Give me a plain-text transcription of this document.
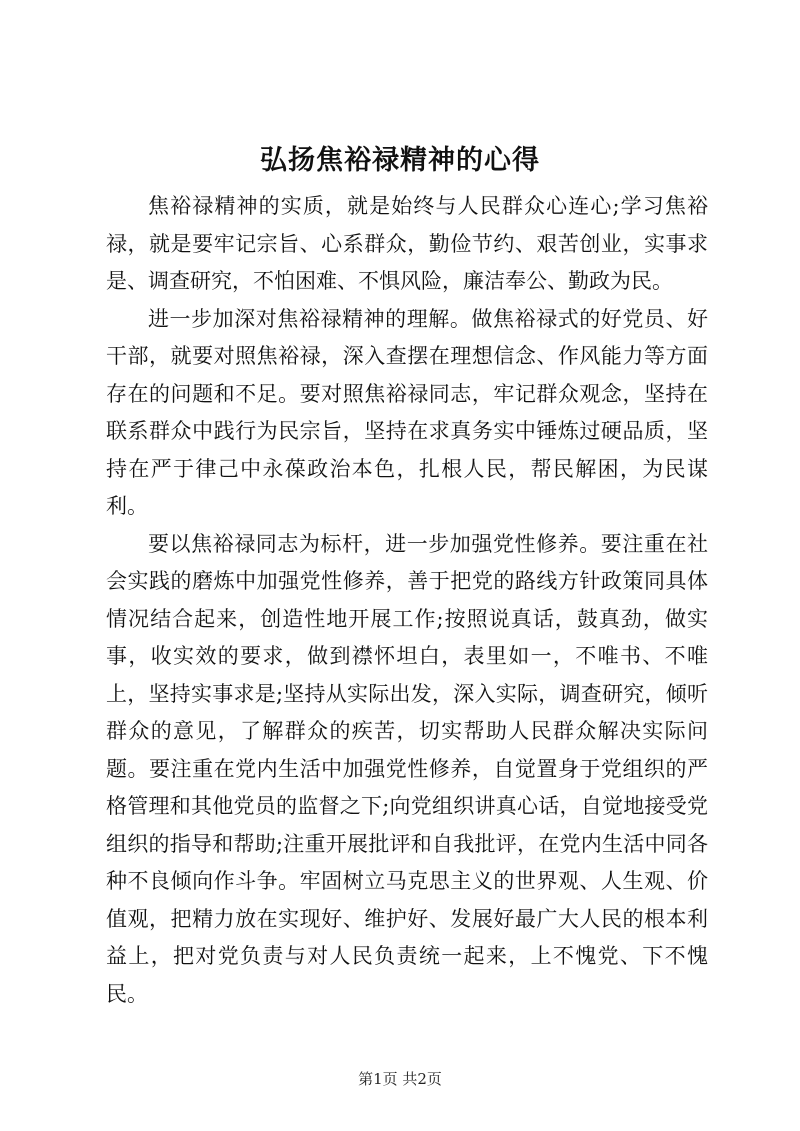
弘扬焦裕禄精神的心得

焦裕禄精神的实质，就是始终与人民群众心连心;学习焦裕禄，就是要牢记宗旨、心系群众，勤俭节约、艰苦创业，实事求是、调查研究，不怕困难、不惧风险，廉洁奉公、勤政为民。

进一步加深对焦裕禄精神的理解。做焦裕禄式的好党员、好干部，就要对照焦裕禄，深入查摆在理想信念、作风能力等方面存在的问题和不足。要对照焦裕禄同志，牢记群众观念，坚持在联系群众中践行为民宗旨，坚持在求真务实中锤炼过硬品质，坚持在严于律己中永葆政治本色，扎根人民，帮民解困，为民谋利。

要以焦裕禄同志为标杆，进一步加强党性修养。要注重在社会实践的磨炼中加强党性修养，善于把党的路线方针政策同具体情况结合起来，创造性地开展工作;按照说真话，鼓真劲，做实事，收实效的要求，做到襟怀坦白，表里如一，不唯书、不唯上，坚持实事求是;坚持从实际出发，深入实际，调查研究，倾听群众的意见，了解群众的疾苦，切实帮助人民群众解决实际问题。要注重在党内生活中加强党性修养，自觉置身于党组织的严格管理和其他党员的监督之下;向党组织讲真心话，自觉地接受党组织的指导和帮助;注重开展批评和自我批评，在党内生活中同各种不良倾向作斗争。牢固树立马克思主义的世界观、人生观、价值观，把精力放在实现好、维护好、发展好最广大人民的根本利益上，把对党负责与对人民负责统一起来，上不愧党、下不愧民。

第1页 共2页
